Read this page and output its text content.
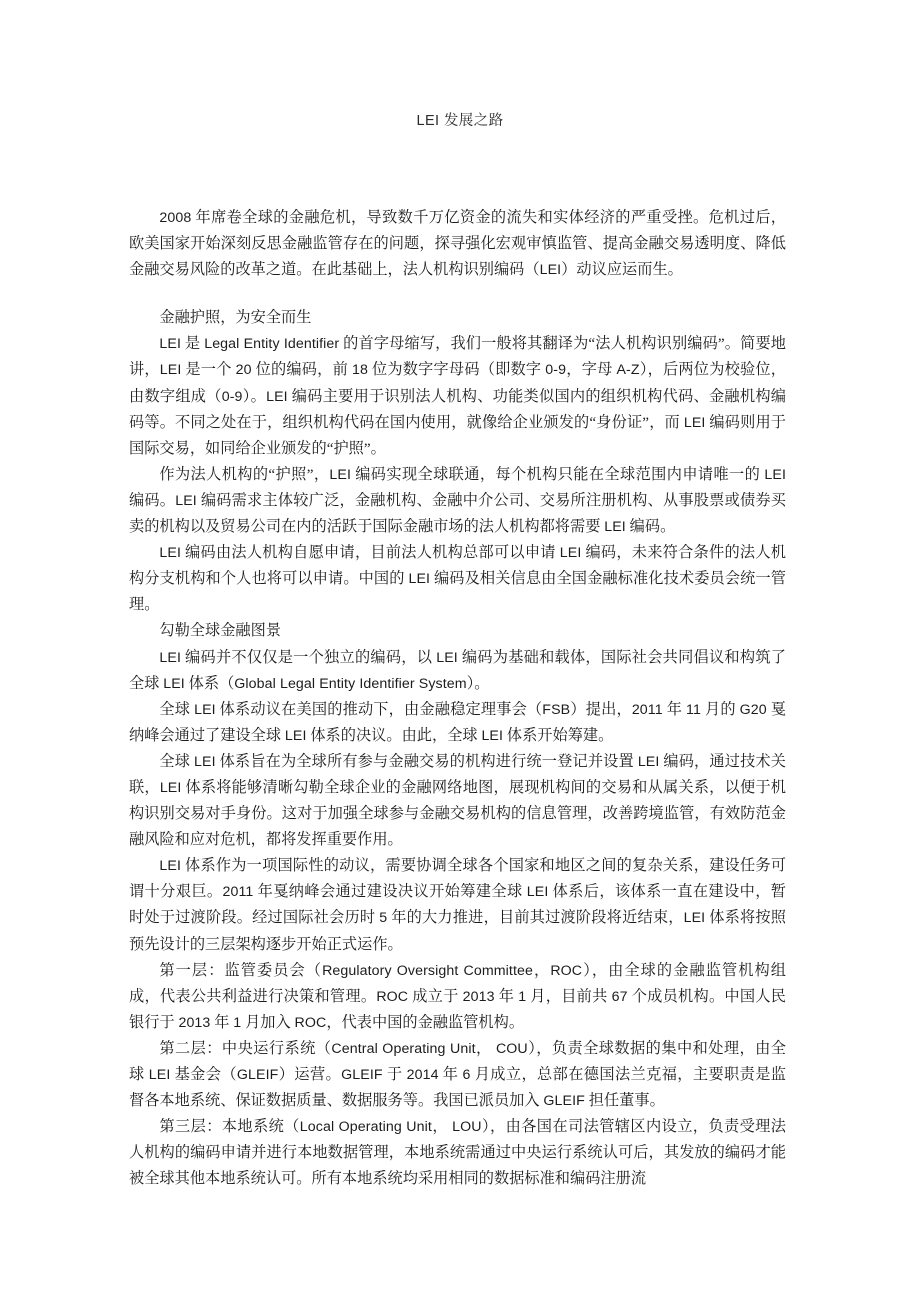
LEI 发展之路

2008 年席卷全球的金融危机，导致数千万亿资金的流失和实体经济的严重受挫。危机过后，欧美国家开始深刻反思金融监管存在的问题，探寻强化宏观审慎监管、提高金融交易透明度、降低金融交易风险的改革之道。在此基础上，法人机构识别编码（LEI）动议应运而生。

金融护照，为安全而生

LEI 是 Legal Entity Identifier 的首字母缩写，我们一般将其翻译为“法人机构识别编码”。简要地讲，LEI 是一个 20 位的编码，前 18 位为数字字母码（即数字 0-9，字母 A-Z），后两位为校验位，由数字组成（0-9）。LEI 编码主要用于识别法人机构、功能类似国内的组织机构代码、金融机构编码等。不同之处在于，组织机构代码在国内使用，就像给企业颁发的“身份证”，而 LEI 编码则用于国际交易，如同给企业颁发的“护照”。

作为法人机构的“护照”，LEI 编码实现全球联通，每个机构只能在全球范围内申请唯一的 LEI 编码。LEI 编码需求主体较广泛，金融机构、金融中介公司、交易所注册机构、从事股票或债券买卖的机构以及贸易公司在内的活跃于国际金融市场的法人机构都将需要 LEI 编码。

LEI 编码由法人机构自愿申请，目前法人机构总部可以申请 LEI 编码，未来符合条件的法人机构分支机构和个人也将可以申请。中国的 LEI 编码及相关信息由全国金融标准化技术委员会统一管理。

勾勒全球金融图景

LEI 编码并不仅仅是一个独立的编码，以 LEI 编码为基础和载体，国际社会共同倡议和构筑了全球 LEI 体系（Global Legal Entity Identifier System）。

全球 LEI 体系动议在美国的推动下，由金融稳定理事会（FSB）提出，2011 年 11 月的 G20 戛纳峰会通过了建设全球 LEI 体系的决议。由此，全球 LEI 体系开始筹建。

全球 LEI 体系旨在为全球所有参与金融交易的机构进行统一登记并设置 LEI 编码，通过技术关联，LEI 体系将能够清晰勾勒全球企业的金融网络地图，展现机构间的交易和从属关系，以便于机构识别交易对手身份。这对于加强全球参与金融交易机构的信息管理，改善跨境监管，有效防范金融风险和应对危机，都将发挥重要作用。

LEI 体系作为一项国际性的动议，需要协调全球各个国家和地区之间的复杂关系，建设任务可谓十分艰巨。2011 年戛纳峰会通过建设决议开始筹建全球 LEI 体系后，该体系一直在建设中，暂时处于过渡阶段。经过国际社会历时 5 年的大力推进，目前其过渡阶段将近结束，LEI 体系将按照预先设计的三层架构逐步开始正式运作。

第一层：监管委员会（Regulatory Oversight Committee，ROC），由全球的金融监管机构组成，代表公共利益进行决策和管理。ROC 成立于 2013 年 1 月，目前共 67 个成员机构。中国人民银行于 2013 年 1 月加入 ROC，代表中国的金融监管机构。

第二层：中央运行系统（Central Operating Unit， COU），负责全球数据的集中和处理，由全球 LEI 基金会（GLEIF）运营。GLEIF 于 2014 年 6 月成立，总部在德国法兰克福，主要职责是监督各本地系统、保证数据质量、数据服务等。我国已派员加入 GLEIF 担任董事。

第三层：本地系统（Local Operating Unit， LOU），由各国在司法管辖区内设立，负责受理法人机构的编码申请并进行本地数据管理，本地系统需通过中央运行系统认可后，其发放的编码才能被全球其他本地系统认可。所有本地系统均采用相同的数据标准和编码注册流
